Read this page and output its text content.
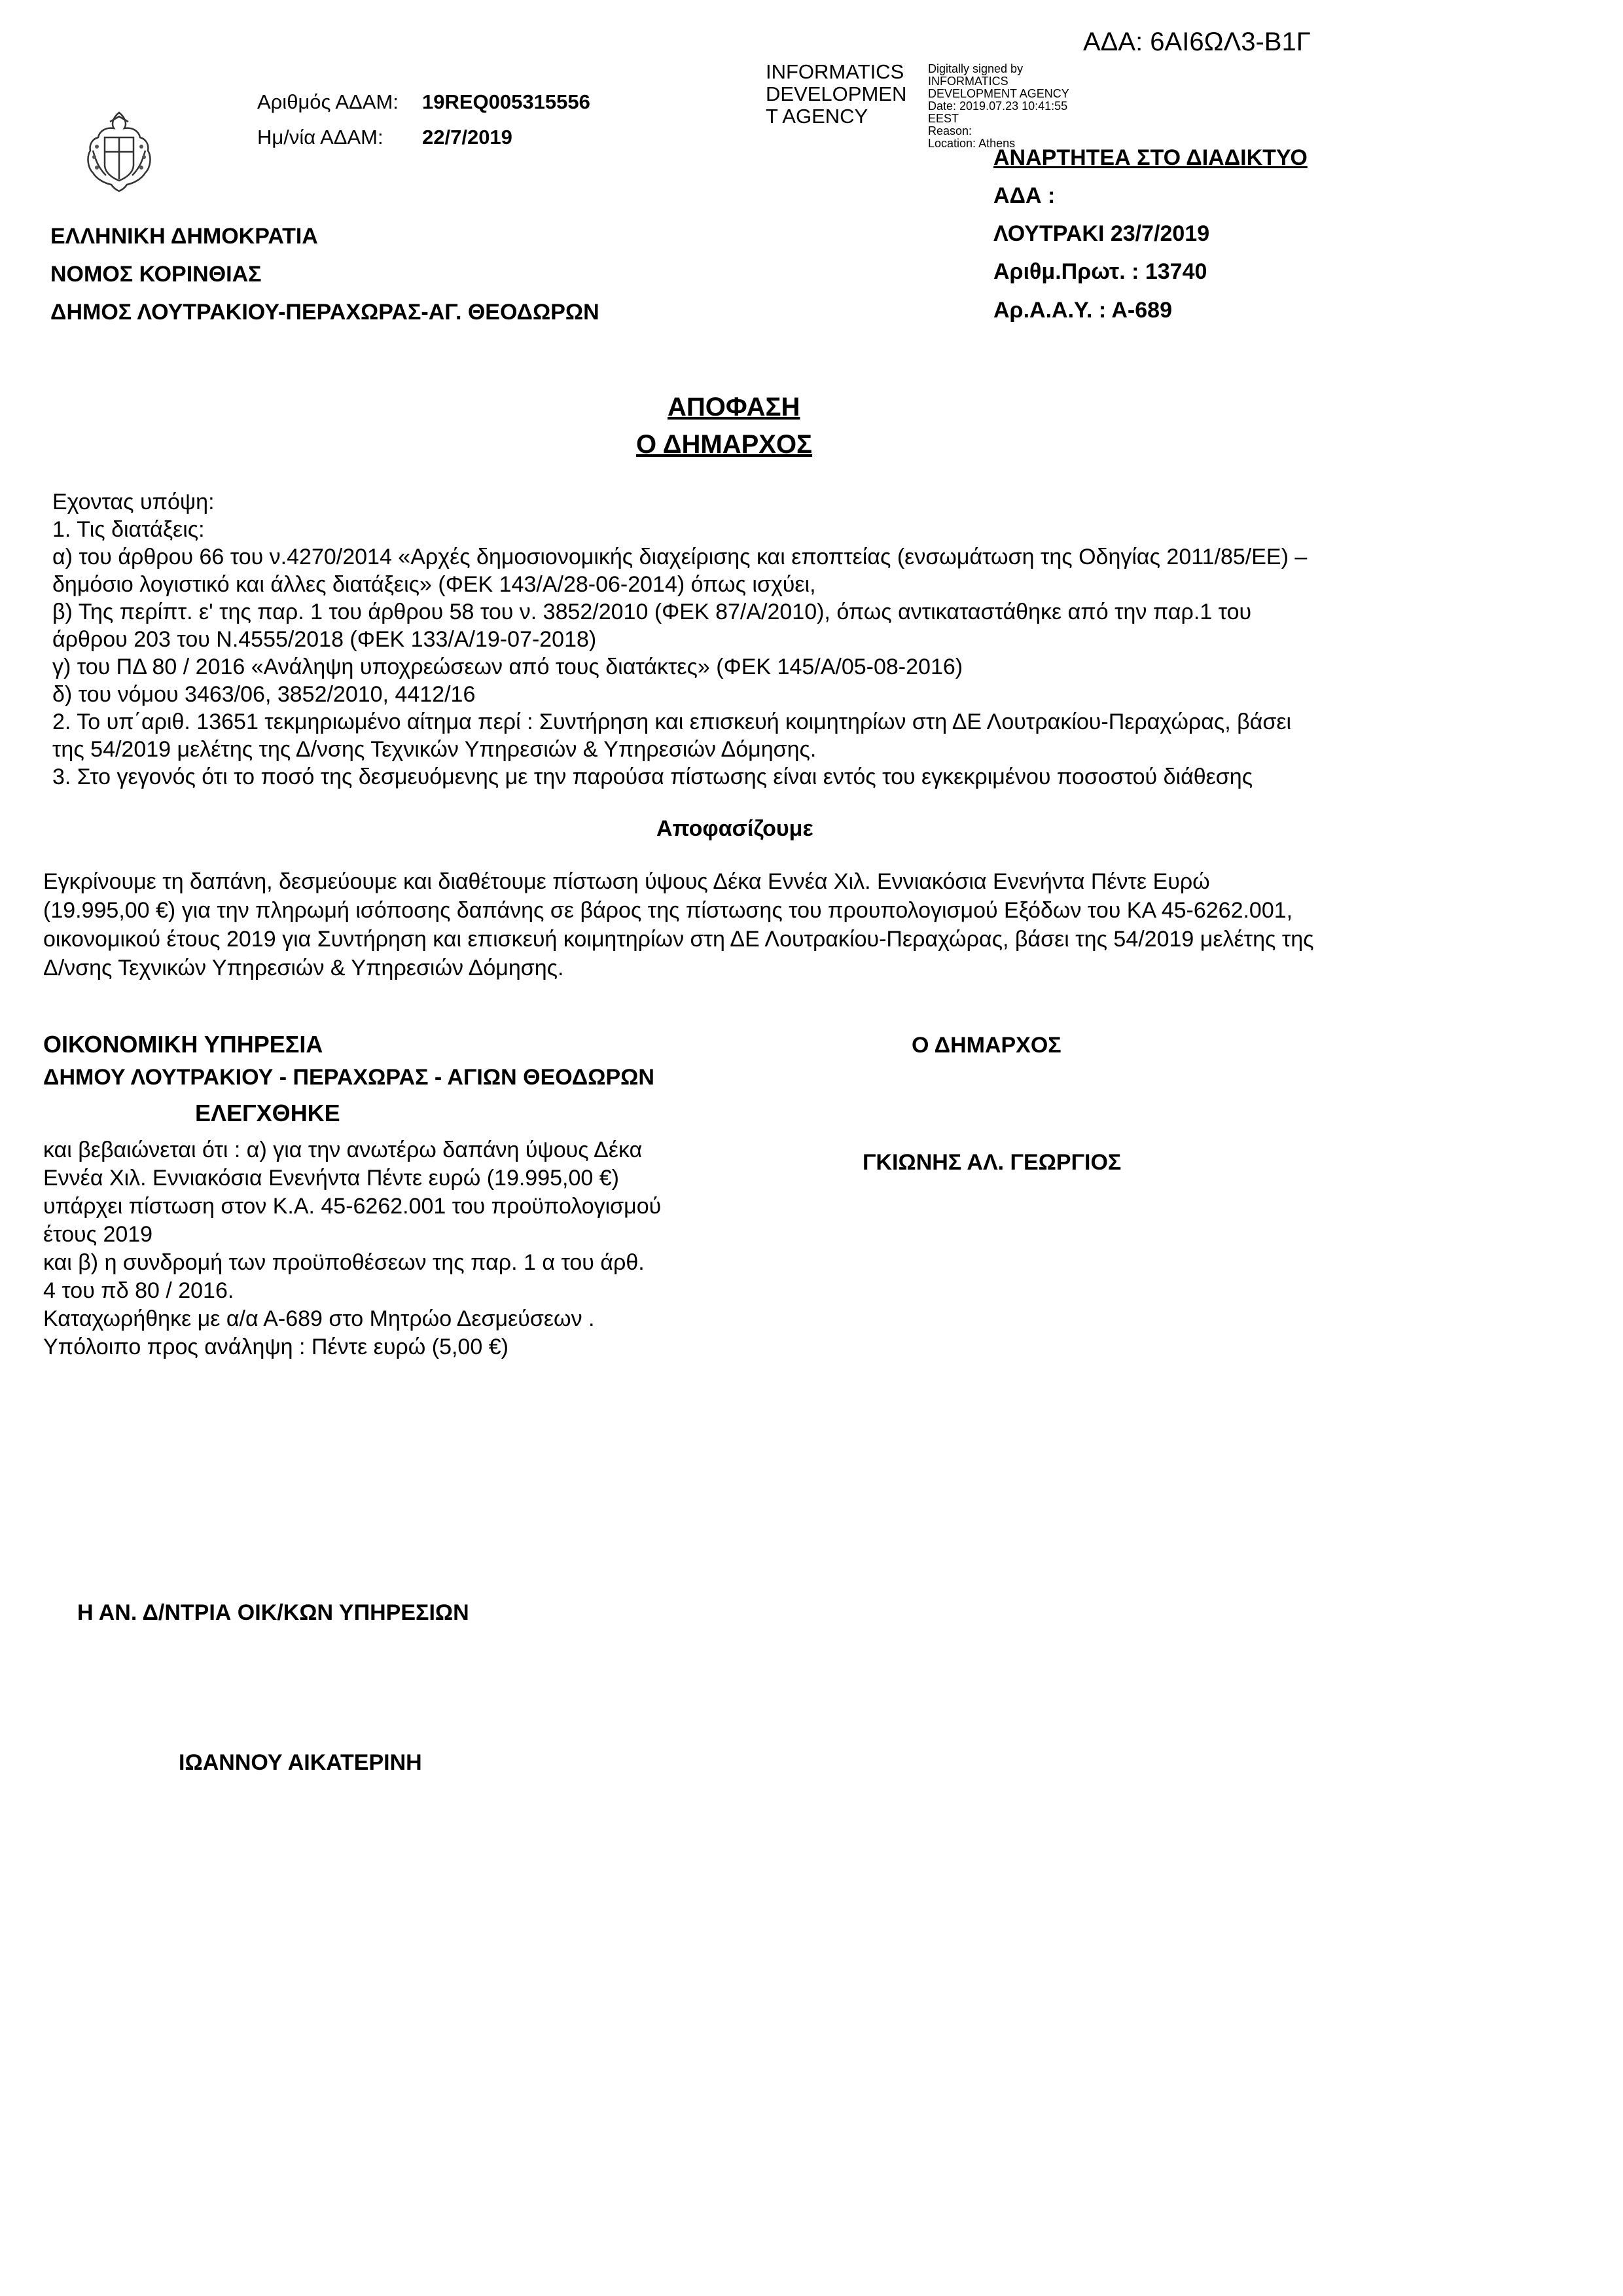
Αριθμός ΑΔΑΜ: 19REQ005315556
Ημ/νία ΑΔΑΜ: 22/7/2019
INFORMATICS
DEVELOPMEN
T AGENCY
Digitally signed by
INFORMATICS
DEVELOPMENT AGENCY
Date: 2019.07.23 10:41:55
EEST
Reason:
Location: Athens
ΑΔΑ: 6ΑΙ6ΩΛ3-Β1Γ
ΑΝΑΡΤΗΤΕΑ ΣΤΟ ΔΙΑΔΙΚΤΥΟ
ΑΔΑ :
ΛΟΥΤΡΑΚΙ 23/7/2019
Αριθμ.Πρωτ. : 13740
Αρ.Α.Α.Υ. : Α-689
ΕΛΛΗΝΙΚΗ ΔΗΜΟΚΡΑΤΙΑ
ΝΟΜΟΣ ΚΟΡΙΝΘΙΑΣ
ΔΗΜΟΣ ΛΟΥΤΡΑΚΙΟΥ-ΠΕΡΑΧΩΡΑΣ-ΑΓ. ΘΕΟΔΩΡΩΝ
ΑΠΟΦΑΣΗ
Ο ΔΗΜΑΡΧΟΣ
Εχοντας υπόψη:
1. Τις διατάξεις:
α) του άρθρου 66 του ν.4270/2014 «Αρχές δημοσιονομικής διαχείρισης και εποπτείας (ενσωμάτωση της Οδηγίας 2011/85/ΕΕ) –
δημόσιο λογιστικό και άλλες διατάξεις» (ΦΕΚ 143/Α/28-06-2014) όπως ισχύει,
β) Της περίπτ. ε' της παρ. 1 του άρθρου 58 του ν. 3852/2010 (ΦΕΚ 87/Α/2010), όπως αντικαταστάθηκε από την παρ.1 του
άρθρου 203 του Ν.4555/2018 (ΦΕΚ 133/Α/19-07-2018)
γ) του ΠΔ 80 / 2016 «Ανάληψη υποχρεώσεων από τους διατάκτες» (ΦΕΚ 145/Α/05-08-2016)
δ) του νόμου 3463/06, 3852/2010, 4412/16
2. Το υπ΄αριθ. 13651 τεκμηριωμένο αίτημα περί : Συντήρηση και επισκευή κοιμητηρίων στη ΔΕ Λουτρακίου-Περαχώρας, βάσει
της 54/2019 μελέτης της Δ/νσης Τεχνικών Υπηρεσιών & Υπηρεσιών Δόμησης.
3. Στο γεγονός ότι το ποσό της δεσμευόμενης με την παρούσα πίστωσης είναι εντός του εγκεκριμένου ποσοστού διάθεσης
Αποφασίζουμε
Εγκρίνουμε τη δαπάνη, δεσμεύουμε και διαθέτουμε πίστωση ύψους Δέκα Εννέα Χιλ. Εννιακόσια Ενενήντα Πέντε Ευρώ
(19.995,00 €) για την πληρωμή ισόποσης δαπάνης σε βάρος της πίστωσης του προυπολογισμού Εξόδων του ΚΑ 45-6262.001,
οικονομικού έτους 2019 για Συντήρηση και επισκευή κοιμητηρίων στη ΔΕ Λουτρακίου-Περαχώρας, βάσει της 54/2019 μελέτης της
Δ/νσης Τεχνικών Υπηρεσιών & Υπηρεσιών Δόμησης.
ΟΙΚΟΝΟΜΙΚΗ ΥΠΗΡΕΣΙΑ
ΔΗΜΟΥ ΛΟΥΤΡΑΚΙΟΥ - ΠΕΡΑΧΩΡΑΣ - ΑΓΙΩΝ ΘΕΟΔΩΡΩΝ
ΕΛΕΓΧΘΗΚΕ
και βεβαιώνεται ότι : α) για την ανωτέρω δαπάνη ύψους Δέκα
Εννέα Χιλ. Εννιακόσια Ενενήντα Πέντε ευρώ (19.995,00 €)
υπάρχει πίστωση στον Κ.Α. 45-6262.001 του προϋπολογισμού
έτους 2019
και β) η συνδρομή των προϋποθέσεων της παρ. 1 α του άρθ.
4 του πδ 80 / 2016.
Καταχωρήθηκε με α/α Α-689 στο Μητρώο Δεσμεύσεων .
Υπόλοιπο προς ανάληψη : Πέντε ευρώ (5,00 €)
Ο ΔΗΜΑΡΧΟΣ
ΓΚΙΩΝΗΣ ΑΛ. ΓΕΩΡΓΙΟΣ
Η ΑΝ. Δ/ΝΤΡΙΑ ΟΙΚ/ΚΩΝ ΥΠΗΡΕΣΙΩΝ
ΙΩΑΝΝΟΥ ΑΙΚΑΤΕΡΙΝΗ
